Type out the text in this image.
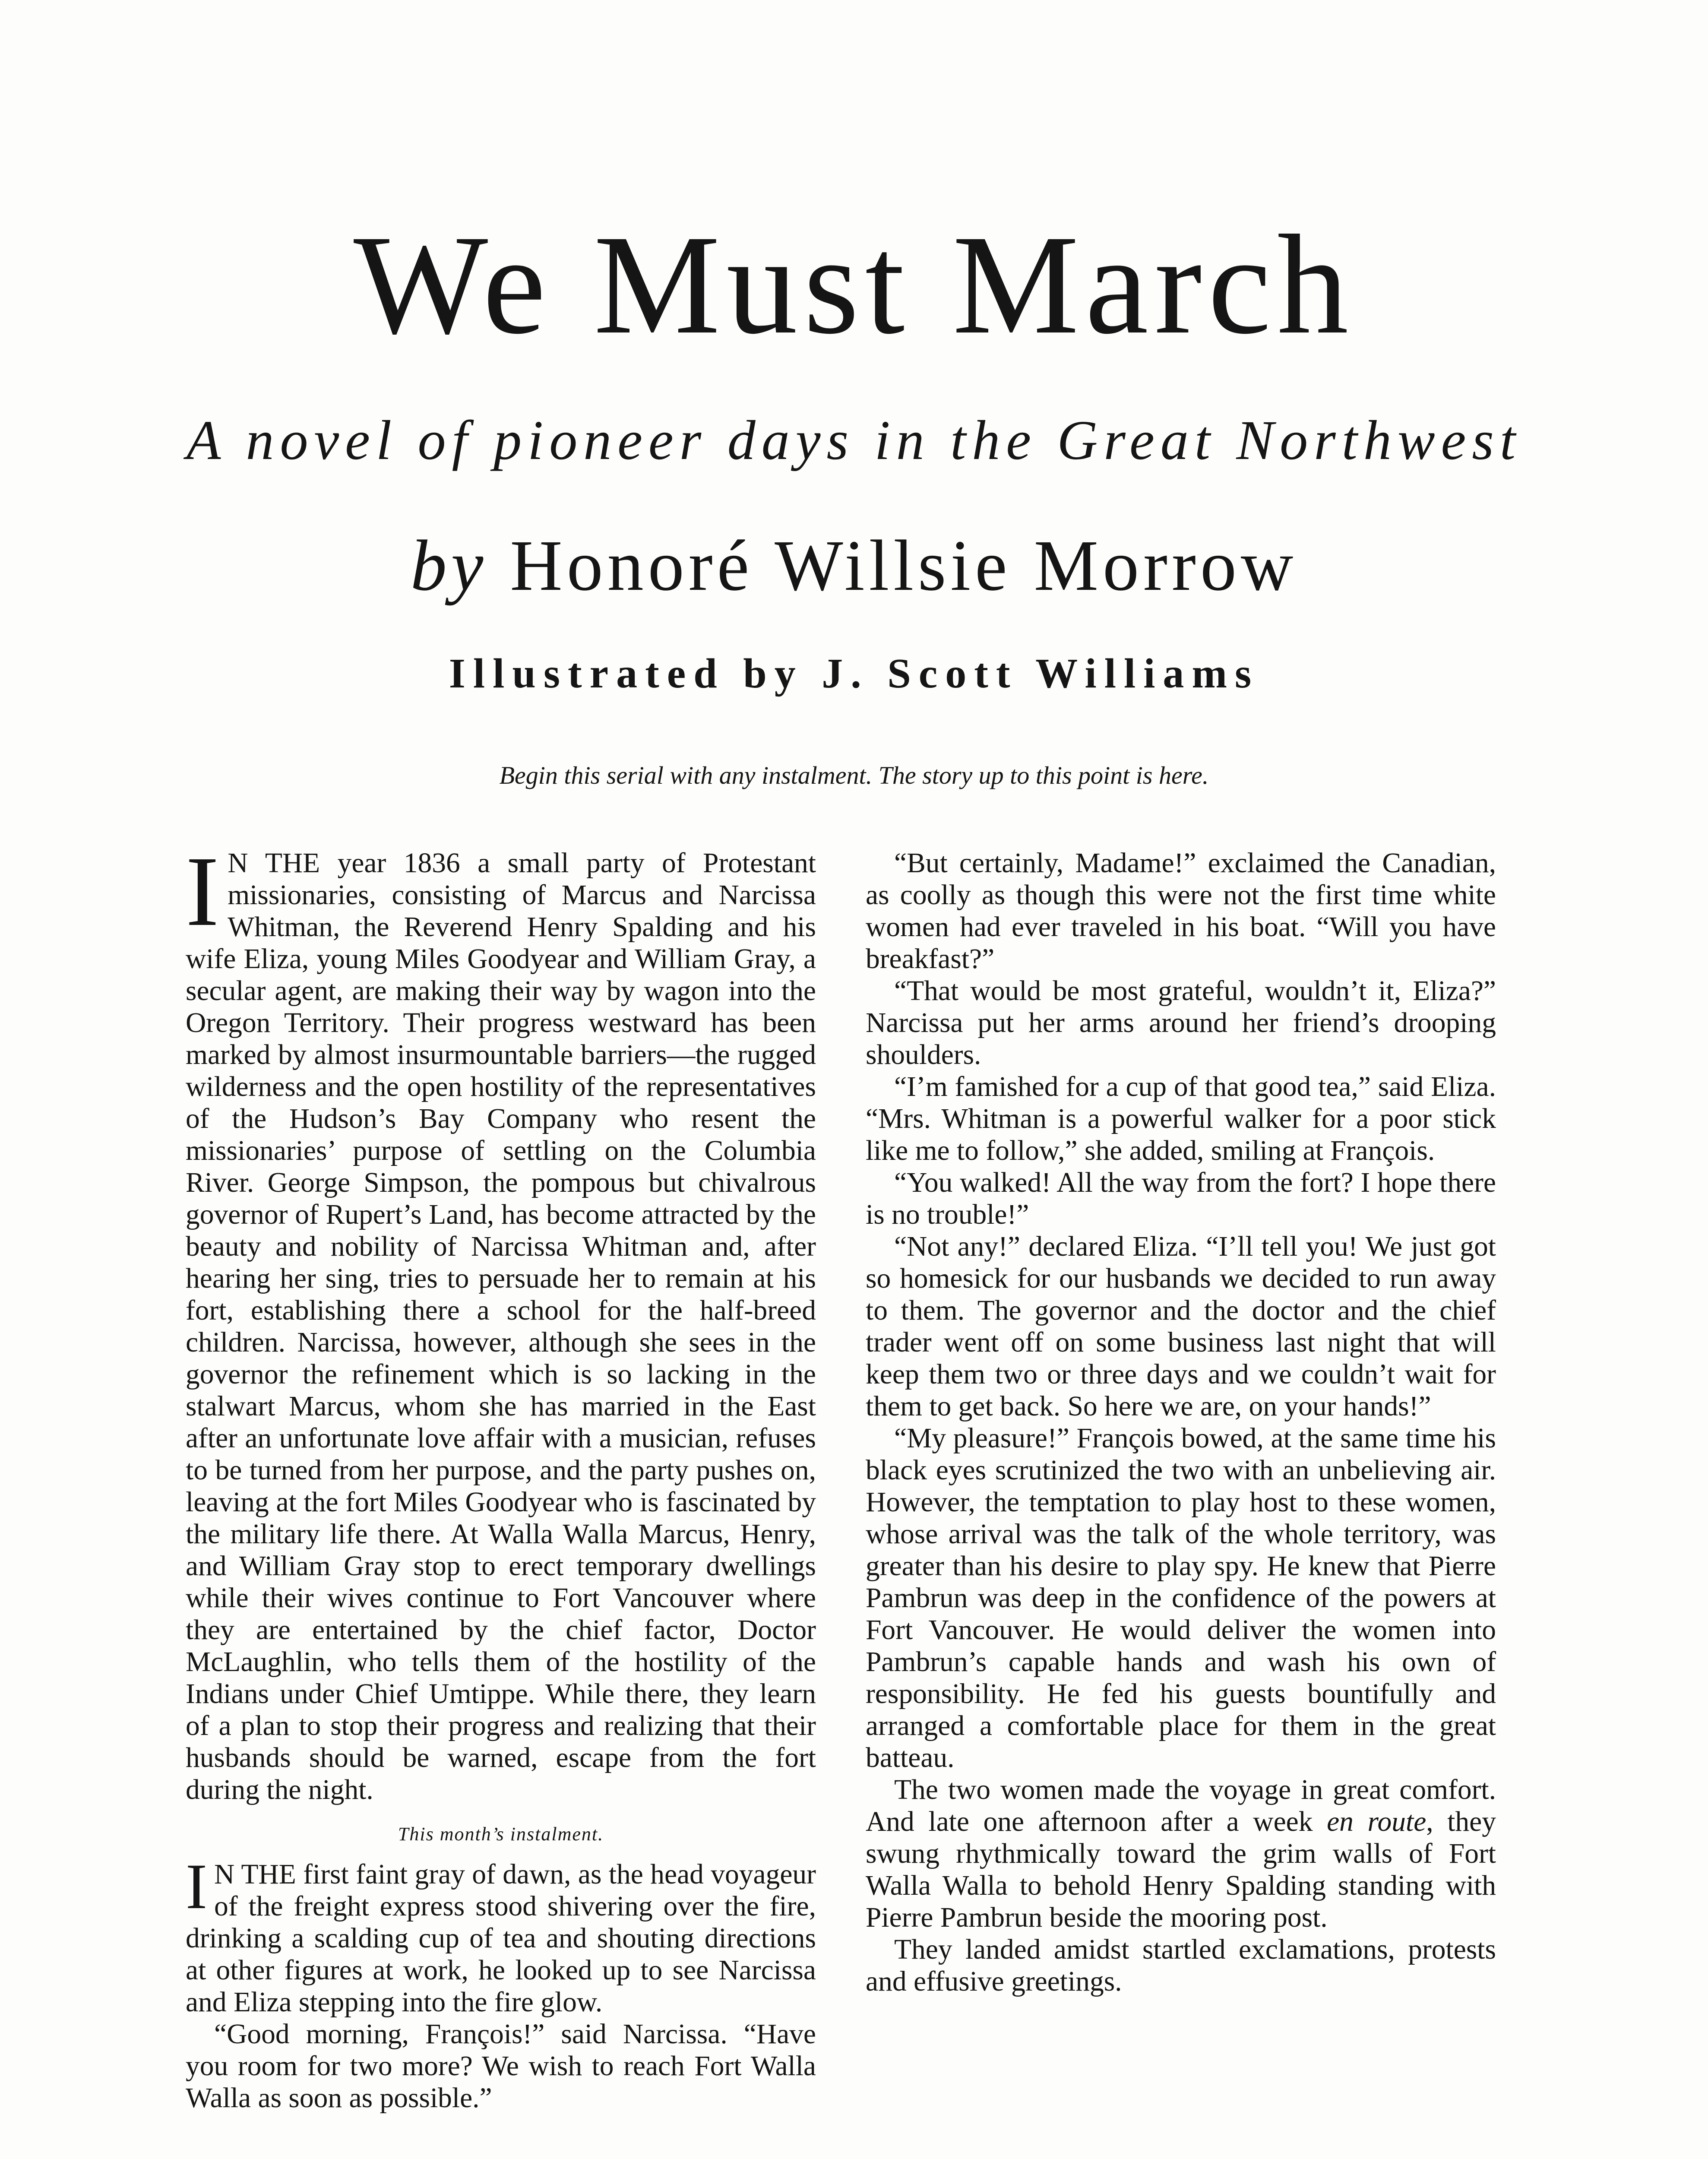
We Must March
A novel of pioneer days in the Great Northwest
by Honoré Willsie Morrow
Illustrated by J. Scott Williams
Begin this serial with any instalment. The story up to this point is here.

I N THE year 1836 a small party of Protestant missionaries, consisting of Marcus and Narcissa Whitman, the Reverend Henry Spalding and his wife Eliza, young Miles Goodyear and William Gray, a secular agent, are making their way by wagon into the Oregon Territory. Their progress westward has been marked by almost insurmountable barriers—the rugged wilderness and the open hostility of the representatives of the Hudson’s Bay Company who resent the missionaries’ purpose of settling on the Columbia River. George Simpson, the pompous but chivalrous governor of Rupert’s Land, has become attracted by the beauty and nobility of Narcissa Whitman and, after hearing her sing, tries to persuade her to remain at his fort, establishing there a school for the half-breed children. Narcissa, however, although she sees in the governor the refinement which is so lacking in the stalwart Marcus, whom she has married in the East after an unfortunate love affair with a musician, refuses to be turned from her purpose, and the party pushes on, leaving at the fort Miles Goodyear who is fascinated by the military life there. At Walla Walla Marcus, Henry, and William Gray stop to erect temporary dwellings while their wives continue to Fort Vancouver where they are entertained by the chief factor, Doctor McLaughlin, who tells them of the hostility of the Indians under Chief Umtippe. While there, they learn of a plan to stop their progress and realizing that their husbands should be warned, escape from the fort during the night.

This month’s instalment.

I N THE first faint gray of dawn, as the head voyageur of the freight express stood shivering over the fire, drinking a scalding cup of tea and shouting directions at other figures at work, he looked up to see Narcissa and Eliza stepping into the fire glow.

“Good morning, François!” said Narcissa. “Have you room for two more? We wish to reach Fort Walla Walla as soon as possible.”

“But certainly, Madame!” exclaimed the Canadian, as coolly as though this were not the first time white women had ever traveled in his boat. “Will you have breakfast?”

“That would be most grateful, wouldn’t it, Eliza?” Narcissa put her arms around her friend’s drooping shoulders.

“I’m famished for a cup of that good tea,” said Eliza. “Mrs. Whitman is a powerful walker for a poor stick like me to follow,” she added, smiling at François.

“You walked! All the way from the fort? I hope there is no trouble!”

“Not any!” declared Eliza. “I’ll tell you! We just got so homesick for our husbands we decided to run away to them. The governor and the doctor and the chief trader went off on some business last night that will keep them two or three days and we couldn’t wait for them to get back. So here we are, on your hands!”

“My pleasure!” François bowed, at the same time his black eyes scrutinized the two with an unbelieving air. However, the temptation to play host to these women, whose arrival was the talk of the whole territory, was greater than his desire to play spy. He knew that Pierre Pambrun was deep in the confidence of the powers at Fort Vancouver. He would deliver the women into Pambrun’s capable hands and wash his own of responsibility. He fed his guests bountifully and arranged a comfortable place for them in the great batteau.

The two women made the voyage in great comfort. And late one afternoon after a week en route, they swung rhythmically toward the grim walls of Fort Walla Walla to behold Henry Spalding standing with Pierre Pambrun beside the mooring post.

They landed amidst startled exclamations, protests and effusive greetings.
